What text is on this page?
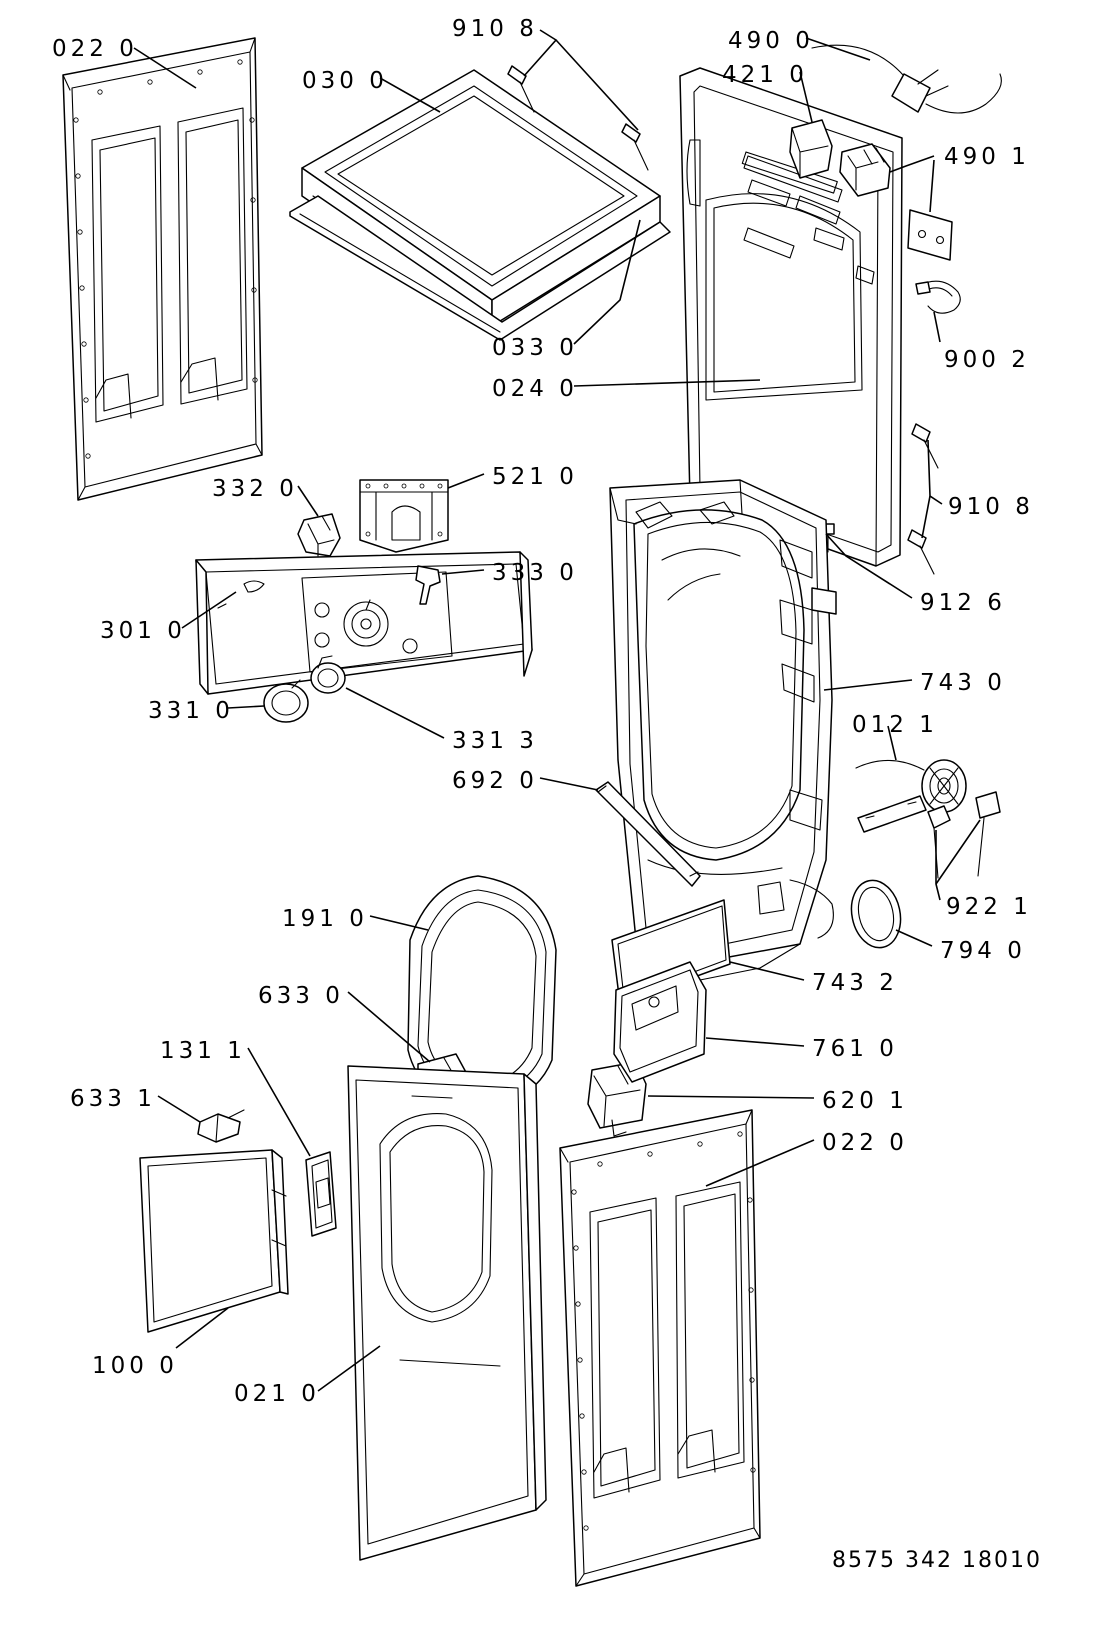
022 0
910 8	490 0
421 0
030 0
490 1
900 2
033 0
024 0
910 8
521 0
332 0
912 6
333 0
301 0
743 0
012 1
331 0
331 3
692 0
922 1
794 0
191 0
743 2
633 0
761 0
131 1
620 1
633 1
022 0
100 0
021 0
8575 342 18010
